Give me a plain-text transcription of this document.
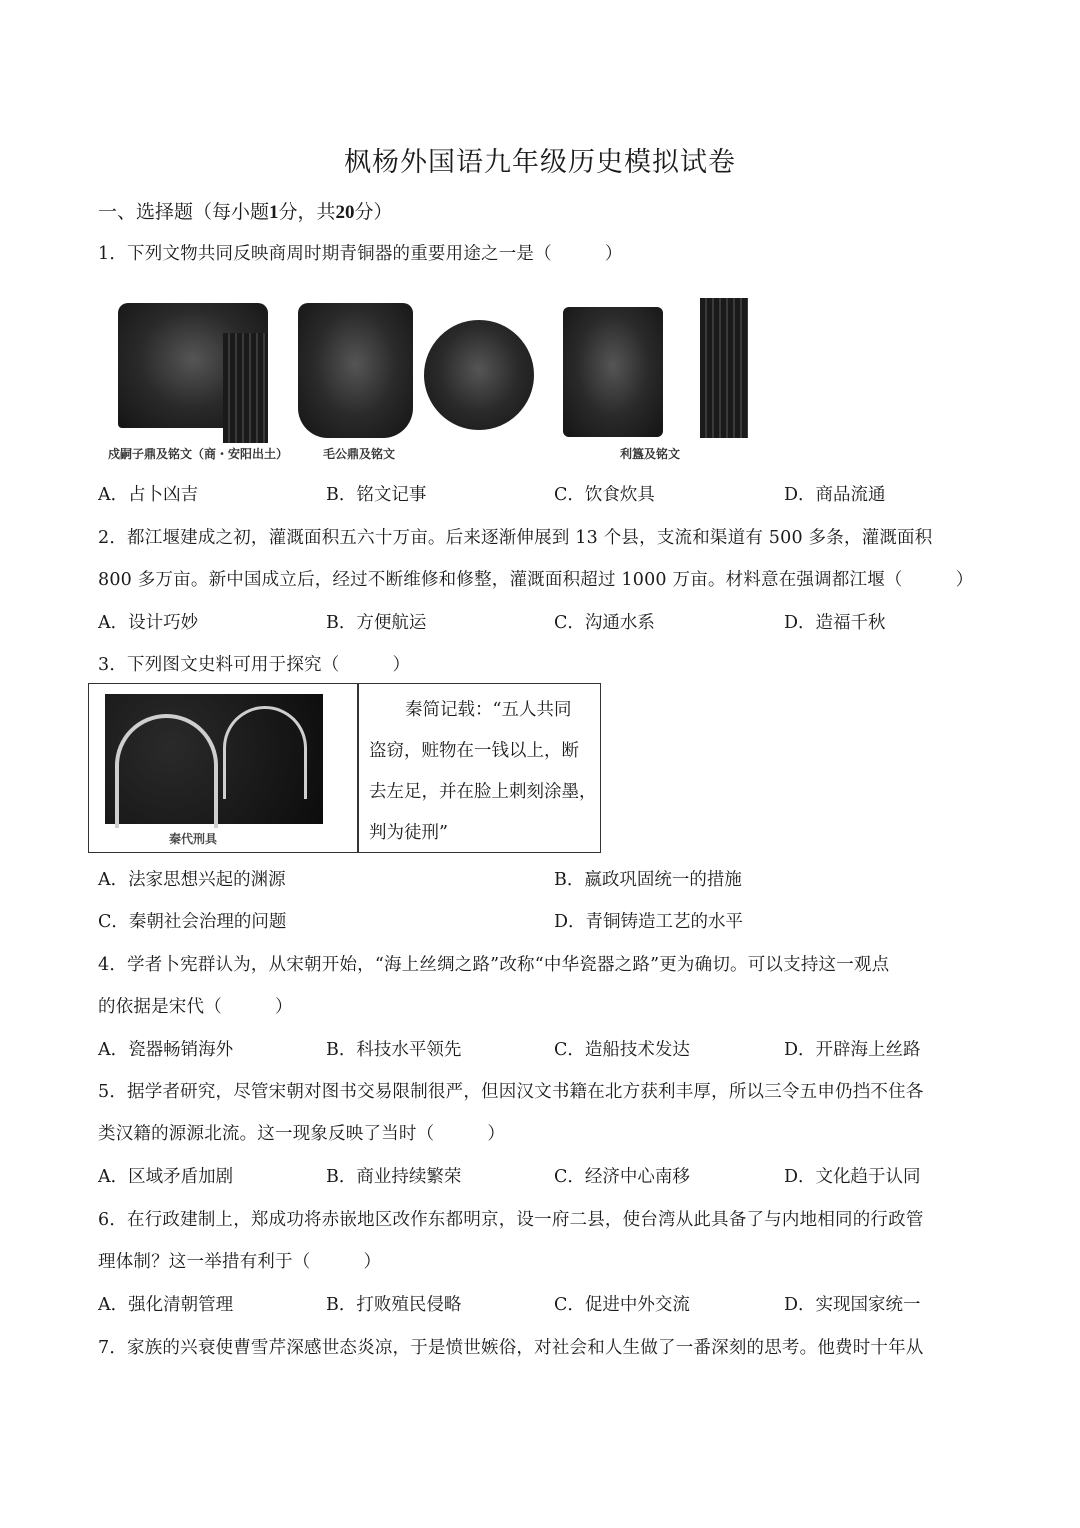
枫杨外国语九年级历史模拟试卷
一、选择题（每小题1分，共20分）
1．下列文物共同反映商周时期青铜器的重要用途之一是（　　　）
戍嗣子鼎及铭文（商・安阳出土）	毛公鼎及铭文	利簋及铭文
A．占卜凶吉	B．铭文记事	C．饮食炊具	D．商品流通
2．都江堰建成之初，灌溉面积五六十万亩。后来逐渐伸展到 13 个县，支流和渠道有 500 多条，灌溉面积
800 多万亩。新中国成立后，经过不断维修和修整，灌溉面积超过 1000 万亩。材料意在强调都江堰（　　　）
A．设计巧妙	B．方便航运	C．沟通水系	D．造福千秋
3．下列图文史料可用于探究（　　　）
秦代刑具

秦简记载：“五人共同

盗窃，赃物在一钱以上，断

去左足，并在脸上刺刻涂墨，

判为徒刑”

A．法家思想兴起的渊源	B．嬴政巩固统一的措施
C．秦朝社会治理的问题	D．青铜铸造工艺的水平
4．学者卜宪群认为，从宋朝开始，“海上丝绸之路”改称“中华瓷器之路”更为确切。可以支持这一观点
的依据是宋代（　　　）
A．瓷器畅销海外	B．科技水平领先	C．造船技术发达	D．开辟海上丝路
5．据学者研究，尽管宋朝对图书交易限制很严，但因汉文书籍在北方获利丰厚，所以三令五申仍挡不住各
类汉籍的源源北流。这一现象反映了当时（　　　）
A．区域矛盾加剧	B．商业持续繁荣	C．经济中心南移	D．文化趋于认同
6．在行政建制上，郑成功将赤嵌地区改作东都明京，设一府二县，使台湾从此具备了与内地相同的行政管
理体制？这一举措有利于（　　　）
A．强化清朝管理	B．打败殖民侵略	C．促进中外交流	D．实现国家统一
7．家族的兴衰使曹雪芹深感世态炎凉，于是愤世嫉俗，对社会和人生做了一番深刻的思考。他费时十年从
